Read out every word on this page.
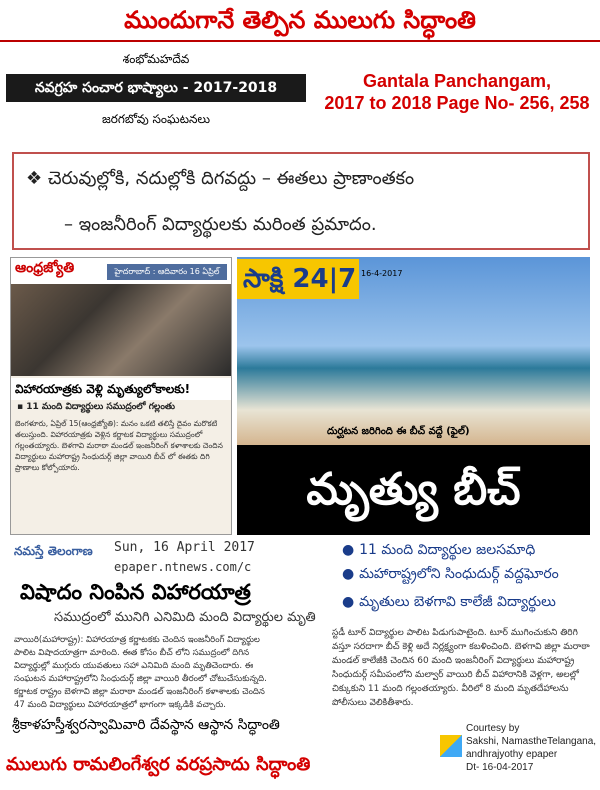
ముందుగానే తెల్పిన ములుగు సిద్ధాంతి
శంభోమహదేవ
నవగ్రహ సంచార భాష్యాలు - 2017-2018
జరగబోవు సంఘటనలు
Gantala Panchangam,
2017 to 2018 Page No- 256, 258
❖ చెరువుల్లోకి, నదుల్లోకి దిగవద్దు – ఈతలు ప్రాణాంతకం
– ఇంజనీరింగ్ విద్యార్థులకు మరింత ప్రమాదం.
ఆంధ్రజ్యోతి	హైదరాబాద్ : ఆదివారం 16 ఏప్రిల్
విహారయాత్రకు వెళ్లి మృత్యులోకాలకు!
▪ 11 మంది విద్యార్థులు సముద్రంలో గల్లంతు
బెంగళూరు, ఏప్రిల్ 15(ఆంధ్రజ్యోతి): మనం ఒకటి తలిస్తే దైవం మరొకటి తలుస్తుంది. విహారయాత్రకు వెళ్లిన కర్ణాటక విద్యార్థులు సముద్రంలో గల్లంతయ్యారు. బెళగావి మరాఠా మండల్ ఇంజనీరింగ్ కళాశాలకు చెందిన విద్యార్థులు మహారాష్ట్ర సింధుదుర్గ్ జిల్లా వాయిరి బీచ్ లో ఈతకు దిగి ప్రాణాలు కోల్పోయారు.
సాక్షి 24|7 16-4-2017
దుర్ఘటన జరిగింది ఈ బీచ్ వద్దే (ఫైల్)
మృత్యు బీచ్
నమస్తే తెలంగాణ Sun, 16 April 2017
epaper.ntnews.com/c
విషాదం నింపిన విహారయాత్ర
సముద్రంలో మునిగి ఎనిమిది మంది విద్యార్థుల మృతి
వాయిరి(మహారాష్ట్ర): విహారయాత్ర కర్ణాటకకు చెందిన ఇంజనీరింగ్ విద్యార్థుల పాలిట విషాదయాత్రగా మారింది. ఈత కోసం బీచ్ లోని సముద్రంలో దిగిన విద్యార్థుల్లో ముగ్గురు యువతులు సహా ఎనిమిది మంది మృతిచెందారు. ఈ సంఘటన మహారాష్ట్రలోని సింధుదుర్గ్ జిల్లా వాయిరి తీరంలో చోటుచేసుకున్నది. కర్ణాటక రాష్ట్రం బెళగావి జిల్లా మరాఠా మండల్ ఇంజనీరింగ్ కళాశాలకు చెందిన 47 మంది విద్యార్థులు విహారయాత్రలో భాగంగా ఇక్కడికి వచ్చారు.
● 11 మంది విద్యార్థుల జలసమాధి
● మహారాష్ట్రలోని సింధుదుర్గ్ వద్దఘోరం
● మృతులు బెళగావి కాలేజీ విద్యార్థులు
స్టడీ టూర్ విద్యార్థుల పాలిట పిడుగుపాటైంది. టూర్ ముగించుకుని తిరిగి వస్తూ సరదాగా బీచ్ కెళ్లి అదే నిర్లక్ష్యంగా కబళించింది. బెళగావి జిల్లా మరాఠా మండల్ కాలేజీకి చెందిన 60 మంది ఇంజనీరింగ్ విద్యార్థులు మహారాష్ట్ర సింధుదుర్గ్ సమీపంలోని మల్వార్ వాయిరి బీచ్ విహారానికి వెళ్లగా, అలల్లో చిక్కుకుని 11 మంది గల్లంతయ్యారు. వీరిలో 8 మంది మృతదేహాలను పోలీసులు వెలికితీశారు.
శ్రీకాళహస్తీశ్వరస్వామివారి దేవస్థాన ఆస్థాన సిద్ధాంతి
ములుగు రామలింగేశ్వర వరప్రసాదు సిద్ధాంతి
Courtesy by
Sakshi, NamastheTelangana,
andhrajyothy epaper
Dt- 16-04-2017
